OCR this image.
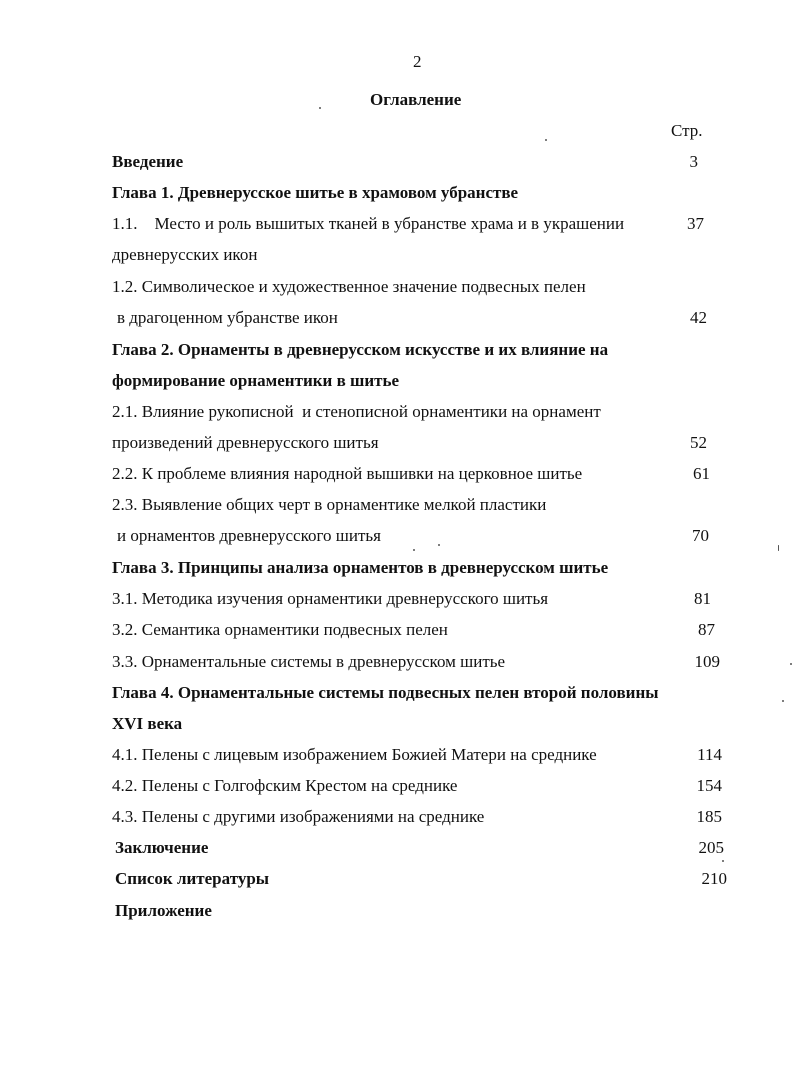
2
Оглавление
Стр.
Введение	3
Глава 1. Древнерусское шитье в храмовом убранстве
1.1.    Место и роль вышитых тканей в убранстве храма и в украшении	37
древнерусских икон
1.2. Символическое и художественное значение подвесных пелен
в драгоценном убранстве икон	42
Глава 2. Орнаменты в древнерусском искусстве и их влияние на
формирование орнаментики в шитье
2.1. Влияние рукописной  и стенописной орнаментики на орнамент
произведений древнерусского шитья	52
2.2. К проблеме влияния народной вышивки на церковное шитье	61
2.3. Выявление общих черт в орнаментике мелкой пластики
и орнаментов древнерусского шитья	70
Глава 3. Принципы анализа орнаментов в древнерусском шитье
3.1. Методика изучения орнаментики древнерусского шитья	81
3.2. Семантика орнаментики подвесных пелен	87
3.3. Орнаментальные системы в древнерусском шитье	109
Глава 4. Орнаментальные системы подвесных пелен второй половины
XVI века
4.1. Пелены с лицевым изображением Божией Матери на среднике	114
4.2. Пелены с Голгофским Крестом на среднике	154
4.3. Пелены с другими изображениями на среднике	185
Заключение	205
Список литературы	210
Приложение
